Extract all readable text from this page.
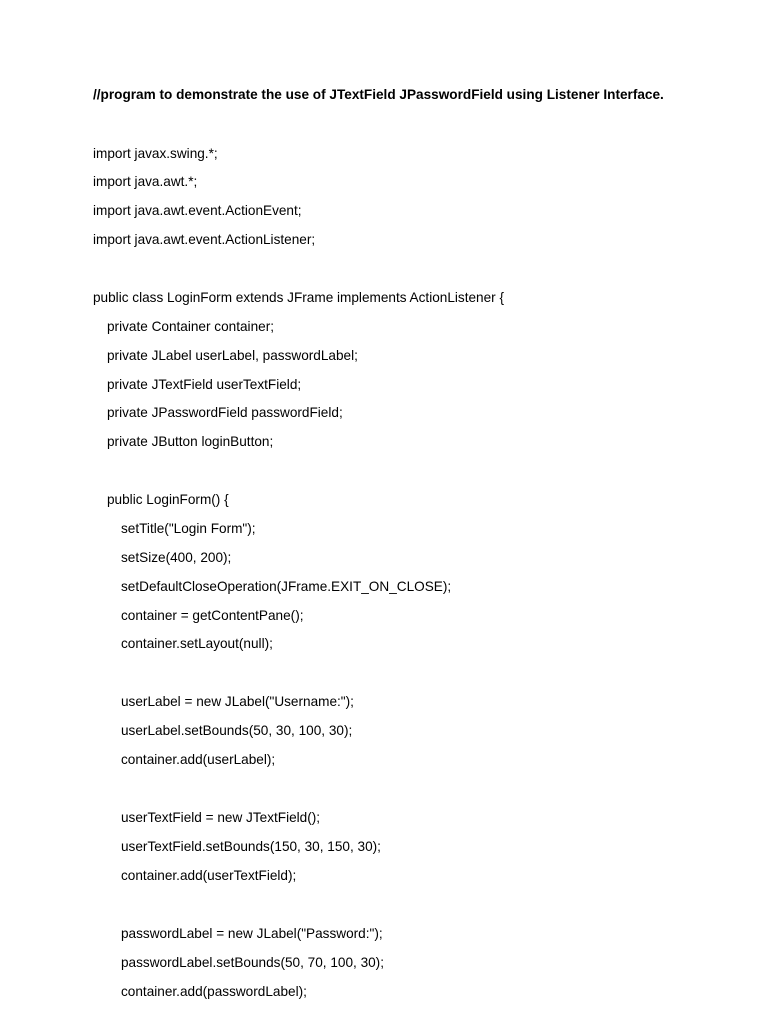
//program to demonstrate the use of JTextField JPasswordField using Listener Interface.
import javax.swing.*;
import java.awt.*;
import java.awt.event.ActionEvent;
import java.awt.event.ActionListener;
public class LoginForm extends JFrame implements ActionListener {
private Container container;
private JLabel userLabel, passwordLabel;
private JTextField userTextField;
private JPasswordField passwordField;
private JButton loginButton;
public LoginForm() {
setTitle("Login Form");
setSize(400, 200);
setDefaultCloseOperation(JFrame.EXIT_ON_CLOSE);
container = getContentPane();
container.setLayout(null);
userLabel = new JLabel("Username:");
userLabel.setBounds(50, 30, 100, 30);
container.add(userLabel);
userTextField = new JTextField();
userTextField.setBounds(150, 30, 150, 30);
container.add(userTextField);
passwordLabel = new JLabel("Password:");
passwordLabel.setBounds(50, 70, 100, 30);
container.add(passwordLabel);
